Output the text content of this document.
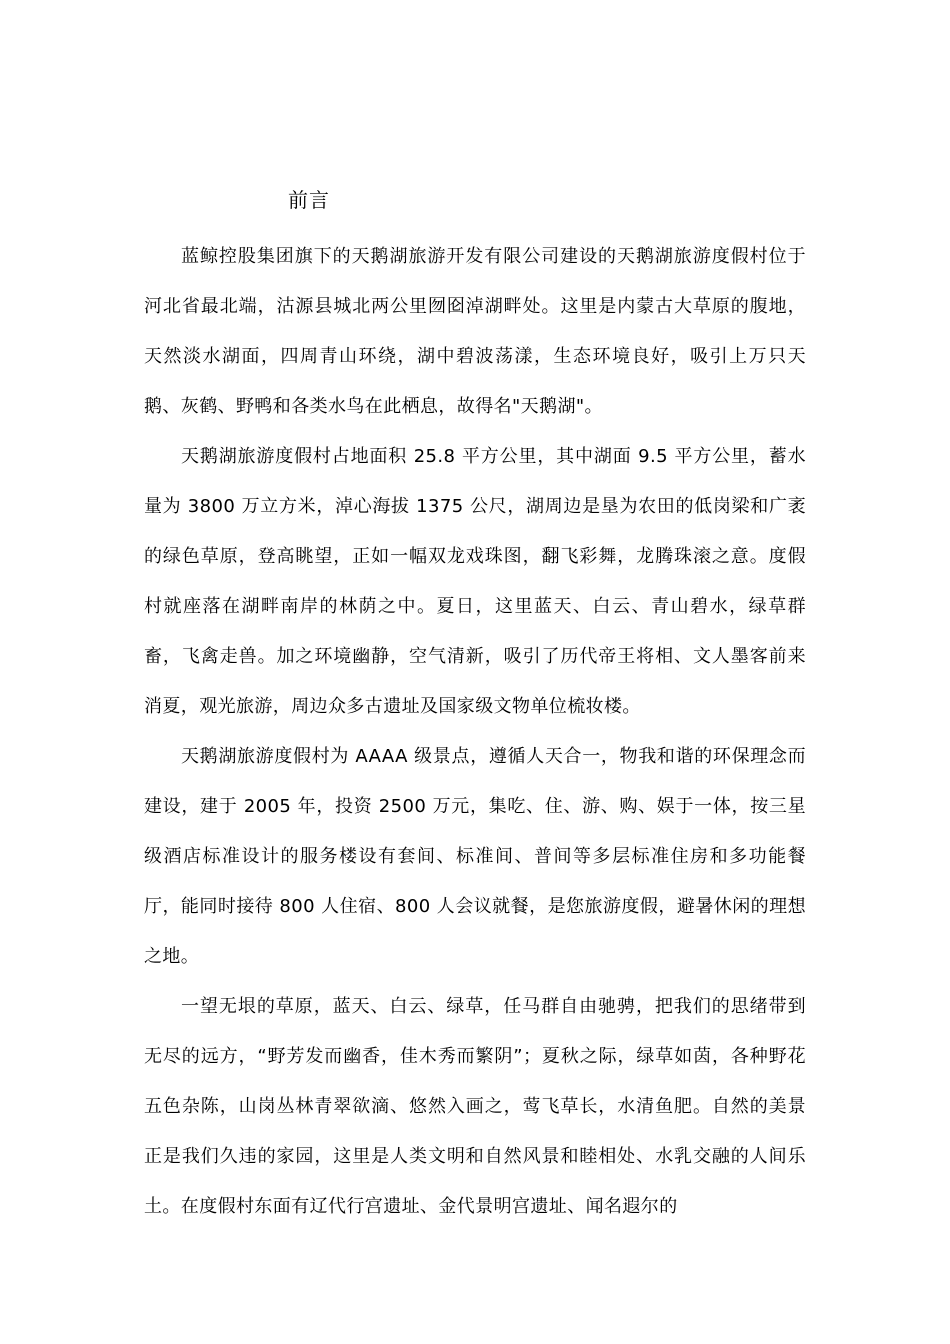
前言

蓝鲸控股集团旗下的天鹅湖旅游开发有限公司建设的天鹅湖旅游度假村位于河北省最北端，沽源县城北两公里囫囵淖湖畔处。这里是内蒙古大草原的腹地，天然淡水湖面，四周青山环绕，湖中碧波荡漾，生态环境良好，吸引上万只天鹅、灰鹤、野鸭和各类水鸟在此栖息，故得名"天鹅湖"。

天鹅湖旅游度假村占地面积 25.8 平方公里，其中湖面 9.5 平方公里，蓄水量为 3800 万立方米，淖心海拔 1375 公尺，湖周边是垦为农田的低岗梁和广袤的绿色草原，登高眺望，正如一幅双龙戏珠图，翻飞彩舞，龙腾珠滚之意。度假村就座落在湖畔南岸的林荫之中。夏日，这里蓝天、白云、青山碧水，绿草群畜，飞禽走兽。加之环境幽静，空气清新，吸引了历代帝王将相、文人墨客前来消夏，观光旅游，周边众多古遗址及国家级文物单位梳妆楼。

天鹅湖旅游度假村为 AAAA 级景点，遵循人天合一，物我和谐的环保理念而建设，建于 2005 年，投资 2500 万元，集吃、住、游、购、娱于一体，按三星级酒店标准设计的服务楼设有套间、标准间、普间等多层标准住房和多功能餐厅，能同时接待 800 人住宿、800 人会议就餐，是您旅游度假，避暑休闲的理想之地。

一望无垠的草原，蓝天、白云、绿草，任马群自由驰骋，把我们的思绪带到无尽的远方，“野芳发而幽香，佳木秀而繁阴”；夏秋之际，绿草如茵，各种野花五色杂陈，山岗丛林青翠欲滴、悠然入画之，莺飞草长，水清鱼肥。自然的美景正是我们久违的家园，这里是人类文明和自然风景和睦相处、水乳交融的人间乐土。在度假村东面有辽代行宫遗址、金代景明宫遗址、闻名遐尔的
